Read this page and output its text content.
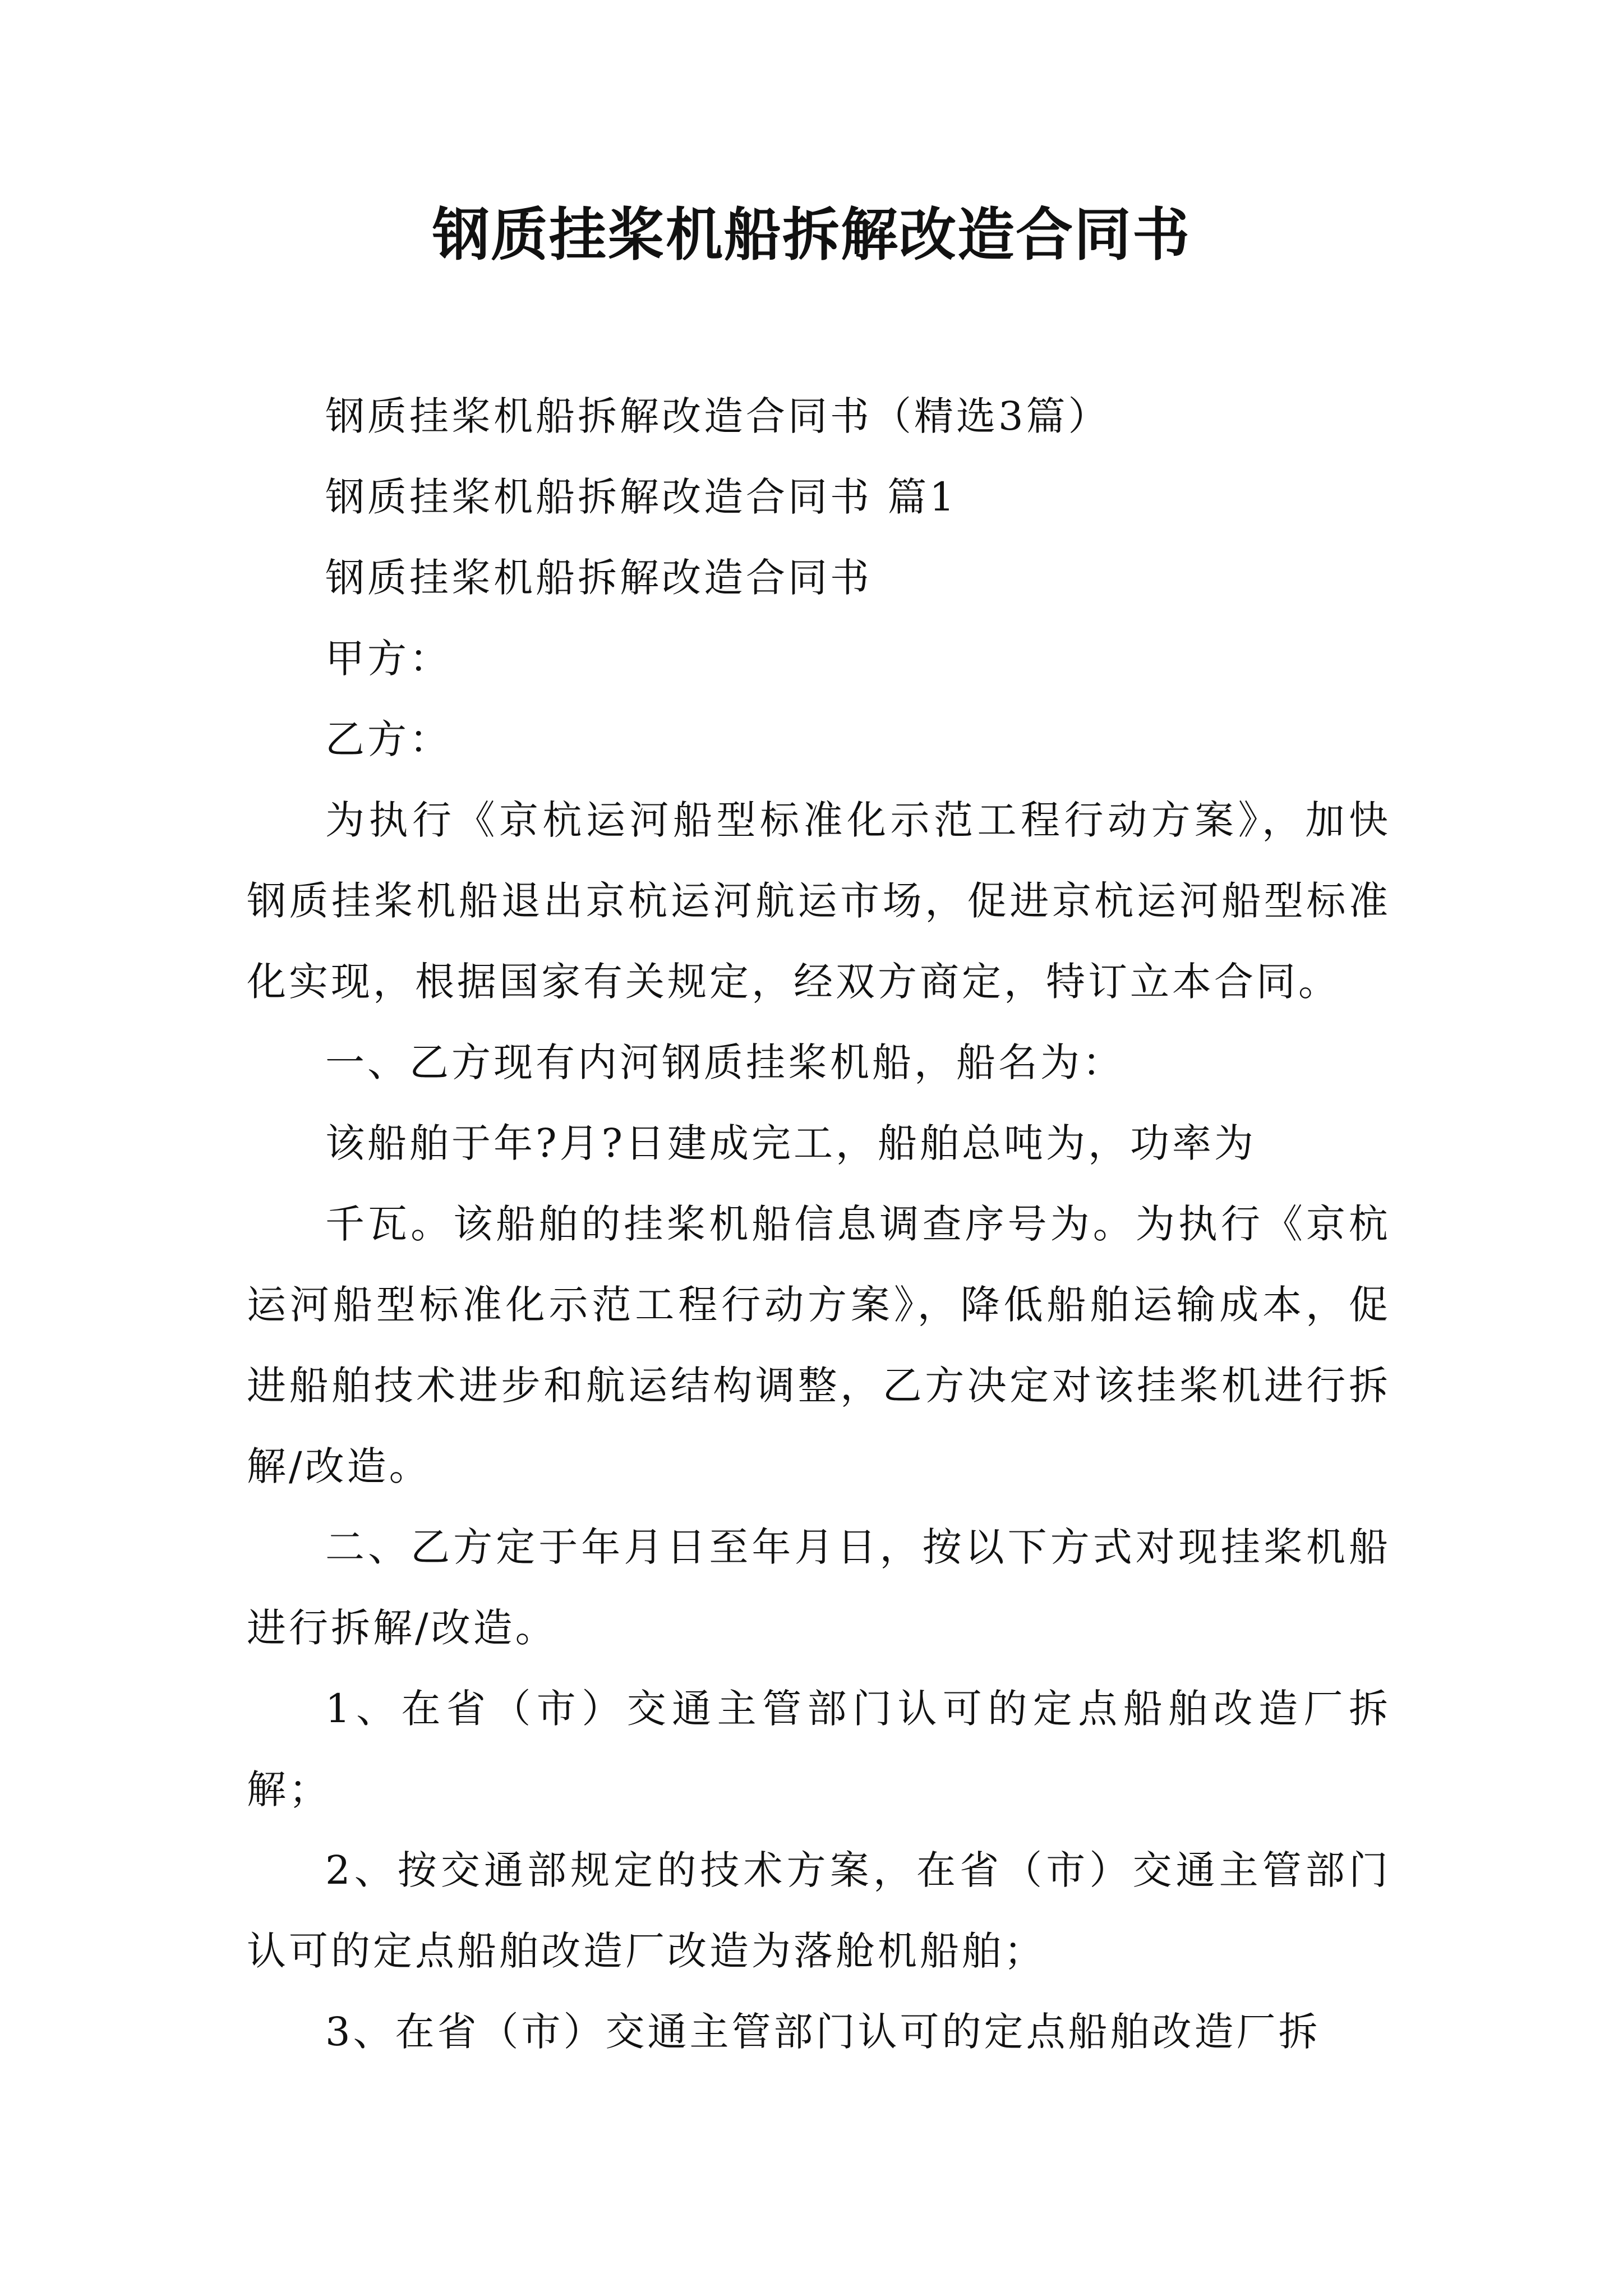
钢质挂桨机船拆解改造合同书

钢质挂桨机船拆解改造合同书（精选3篇）

钢质挂桨机船拆解改造合同书 篇1

钢质挂桨机船拆解改造合同书

甲方：

乙方：

为执行《京杭运河船型标准化示范工程行动方案》，加快钢质挂桨机船退出京杭运河航运市场，促进京杭运河船型标准化实现，根据国家有关规定，经双方商定，特订立本合同。

一、乙方现有内河钢质挂桨机船，船名为：

该船舶于年?月?日建成完工，船舶总吨为，功率为

千瓦。该船舶的挂桨机船信息调查序号为。为执行《京杭运河船型标准化示范工程行动方案》，降低船舶运输成本，促进船舶技术进步和航运结构调整，乙方决定对该挂桨机进行拆解/改造。

二、乙方定于年月日至年月日，按以下方式对现挂桨机船进行拆解/改造。

1、在省（市）交通主管部门认可的定点船舶改造厂拆解；

2、按交通部规定的技术方案，在省（市）交通主管部门认可的定点船舶改造厂改造为落舱机船舶；

3、在省（市）交通主管部门认可的定点船舶改造厂拆
